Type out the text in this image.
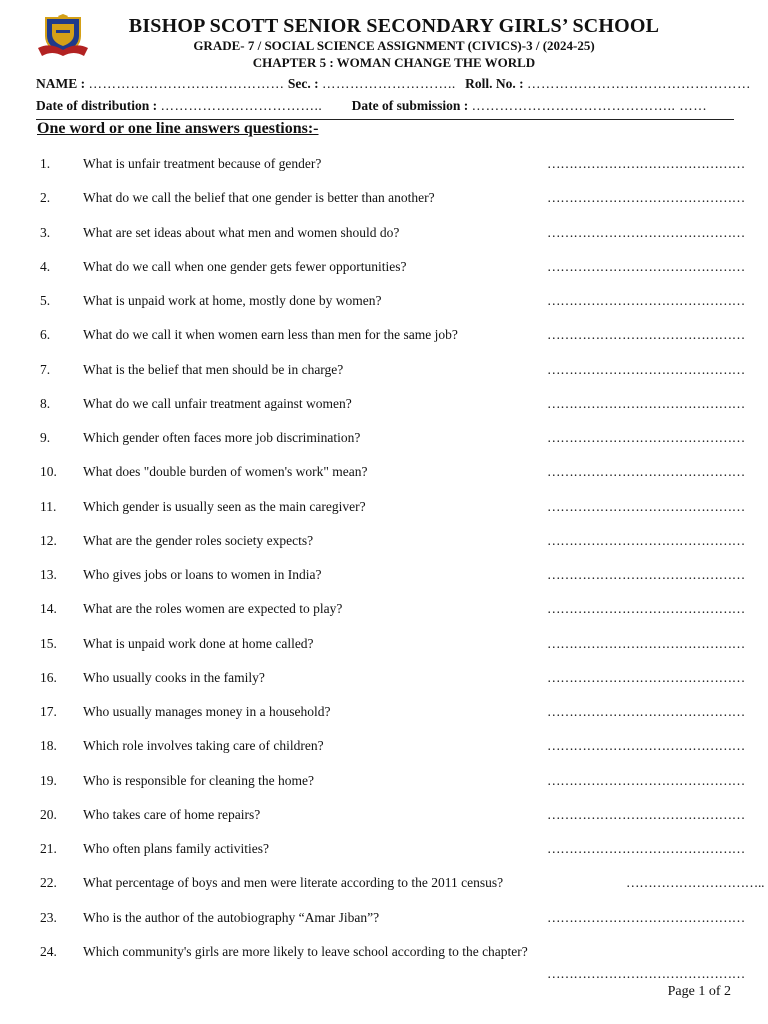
BISHOP SCOTT SENIOR SECONDARY GIRLS’ SCHOOL
GRADE- 7 / SOCIAL SCIENCE ASSIGNMENT (CIVICS)-3 / (2024-25)
CHAPTER 5 : WOMAN CHANGE THE WORLD
NAME : …………………………………… Sec. : ……………………….. Roll. No. : …………………………………………
Date of distribution : …………………………….. Date of submission : …………………………………….. ……
One word or one line answers questions:-
1.	What is unfair treatment because of gender?	………………………………………
2.	What do we call the belief that one gender is better than another?	………………………………………
3.	What are set ideas about what men and women should do?	………………………………………
4.	What do we call when one gender gets fewer opportunities?	………………………………………
5.	What is unpaid work at home, mostly done by women?	………………………………………
6.	What do we call it when women earn less than men for the same job?	………………………………………
7.	What is the belief that men should be in charge?	………………………………………
8.	What do we call unfair treatment against women?	………………………………………
9.	Which gender often faces more job discrimination?	………………………………………
10.	What does "double burden of women's work" mean?	………………………………………
11.	Which gender is usually seen as the main caregiver?	………………………………………
12.	What are the gender roles society expects?	………………………………………
13.	Who gives jobs or loans to women in India?	………………………………………
14.	What are the roles women are expected to play?	………………………………………
15.	What is unpaid work done at home called?	………………………………………
16.	Who usually cooks in the family?	………………………………………
17.	Who usually manages money in a household?	………………………………………
18.	Which role involves taking care of children?	………………………………………
19.	Who is responsible for cleaning the home?	………………………………………
20.	Who takes care of home repairs?	………………………………………
21.	Who often plans family activities?	………………………………………
22.	What percentage of boys and men were literate according to the 2011 census?	…………………………..
23.	Who is the author of the autobiography “Amar Jiban”?	………………………………………
24.	Which community's girls are more likely to leave school according to the chapter?
………………………………………
Page 1 of 2
